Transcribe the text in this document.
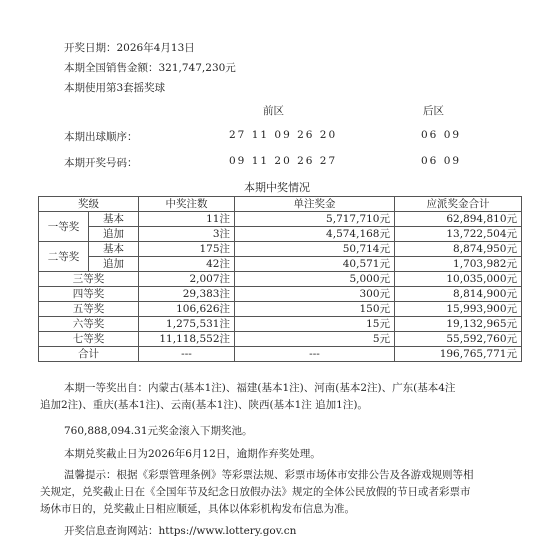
开奖日期：2026年4月13日
本期全国销售金额：321,747,230元
本期使用第3套摇奖球
前区	后区
本期出球顺序：	27 11 09 26 20	06 09
本期开奖号码：	09 11 20 26 27	06 09
本期中奖情况
奖级		中奖注数	单注奖金	应派奖金合计
一等奖	基本	11注	5,717,710元	62,894,810元
	追加	3注	4,574,168元	13,722,504元
二等奖	基本	175注	50,714元	8,874,950元
	追加	42注	40,571元	1,703,982元
三等奖		2,007注	5,000元	10,035,000元
四等奖		29,383注	300元	8,814,900元
五等奖		106,626注	150元	15,993,900元
六等奖		1,275,531注	15元	19,132,965元
七等奖		11,118,552注	5元	55,592,760元
合计		---	---	196,765,771元
本期一等奖出自：内蒙古(基本1注)、福建(基本1注)、河南(基本2注)、广东(基本4注
追加2注)、重庆(基本1注)、云南(基本1注)、陕西(基本1注 追加1注)。
760,888,094.31元奖金滚入下期奖池。
本期兑奖截止日为2026年6月12日，逾期作弃奖处理。
温馨提示：根据《彩票管理条例》等彩票法规、彩票市场体市安排公告及各游戏规则等相
关规定，兑奖截止日在《全国年节及纪念日放假办法》规定的全体公民放假的节日或者彩票市
场休市日的，兑奖截止日相应顺延，具体以体彩机构发布信息为准。
开奖信息查询网站：https://www.lottery.gov.cn
